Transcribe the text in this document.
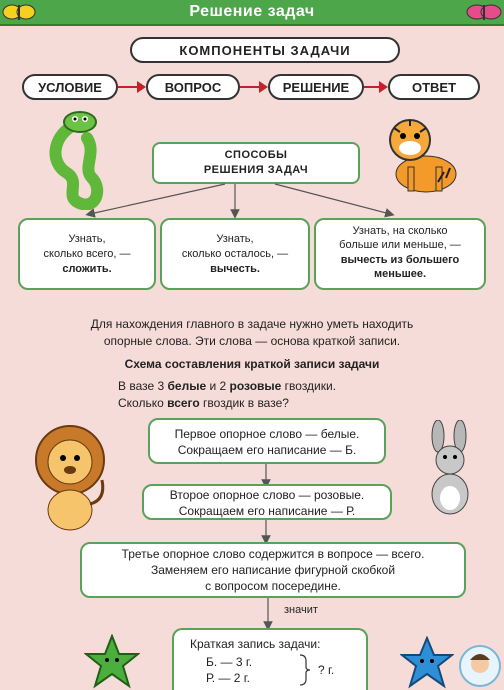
Решение задач
КОМПОНЕНТЫ ЗАДАЧИ
УСЛОВИЕ	ВОПРОС	РЕШЕНИЕ	ОТВЕТ
СПОСОБЫ
РЕШЕНИЯ ЗАДАЧ
Узнать,
сколько всего, —
сложить.
Узнать,
сколько осталось, —
вычесть.
Узнать, на сколько
больше или меньше, —
вычесть из большего
меньшее.
Для нахождения главного в задаче нужно уметь находить
опорные слова. Эти слова — основа краткой записи.
Схема составления краткой записи задачи
В вазе 3 белые и 2 розовые гвоздики.
Сколько всего гвоздик в вазе?
Первое опорное слово — белые.
Сокращаем его написание — Б.
Второе опорное слово — розовые.
Сокращаем его написание — Р.
Третье опорное слово содержится в вопросе — всего.
Заменяем его написание фигурной скобкой
с вопросом посередине.
значит
Краткая запись задачи:
Б. — 3 г.
Р. — 2 г.
? г.
